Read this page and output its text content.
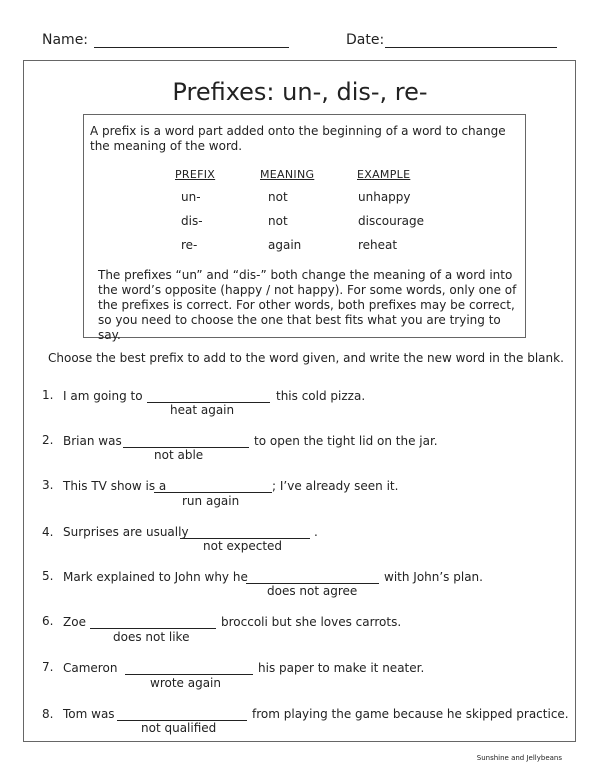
Name:	Date:
Prefixes: un-, dis-, re-
A prefix is a word part added onto the beginning of a word to change the meaning of the word.
PREFIX	MEANING	EXAMPLE
un-	not	unhappy
dis-	not	discourage
re-	again	reheat
The prefixes “un” and “dis-” both change the meaning of a word into the word’s opposite (happy / not happy). For some words, only one of the prefixes is correct. For other words, both prefixes may be correct, so you need to choose the one that best fits what you are trying to say.
Choose the best prefix to add to the word given, and write the new word in the blank.
1. I am going to	this cold pizza.
heat again
2. Brian was	to open the tight lid on the jar.
not able
3. This TV show is a	; I’ve already seen it.
run again
4. Surprises are usually	.
not expected
5. Mark explained to John why he	with John’s plan.
does not agree
6. Zoe	broccoli but she loves carrots.
does not like
7. Cameron	his paper to make it neater.
wrote again
8. Tom was	from playing the game because he skipped practice.
not qualified
Sunshine and Jellybeans
